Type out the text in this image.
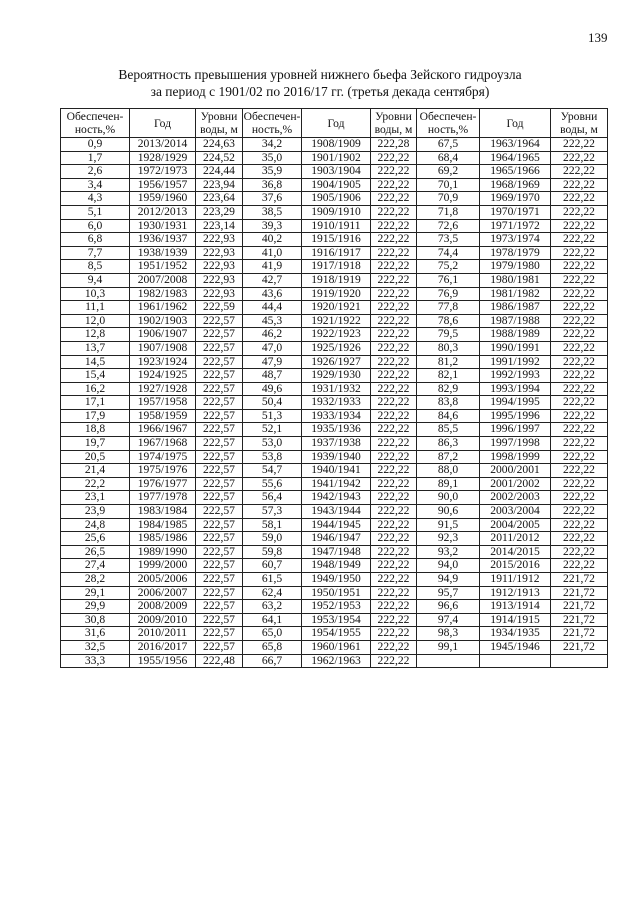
139
Вероятность превышения уровней нижнего бьефа Зейского гидроузла
за период с 1901/02 по 2016/17 гг. (третья декада сентября)
Обеспечен-ность,%	Год	Уровни воды, м	Обеспечен-ность,%	Год	Уровни воды, м	Обеспечен-ность,%	Год	Уровни воды, м
0,9	2013/2014	224,63	34,2	1908/1909	222,28	67,5	1963/1964	222,22
1,7	1928/1929	224,52	35,0	1901/1902	222,22	68,4	1964/1965	222,22
2,6	1972/1973	224,44	35,9	1903/1904	222,22	69,2	1965/1966	222,22
3,4	1956/1957	223,94	36,8	1904/1905	222,22	70,1	1968/1969	222,22
4,3	1959/1960	223,64	37,6	1905/1906	222,22	70,9	1969/1970	222,22
5,1	2012/2013	223,29	38,5	1909/1910	222,22	71,8	1970/1971	222,22
6,0	1930/1931	223,14	39,3	1910/1911	222,22	72,6	1971/1972	222,22
6,8	1936/1937	222,93	40,2	1915/1916	222,22	73,5	1973/1974	222,22
7,7	1938/1939	222,93	41,0	1916/1917	222,22	74,4	1978/1979	222,22
8,5	1951/1952	222,93	41,9	1917/1918	222,22	75,2	1979/1980	222,22
9,4	2007/2008	222,93	42,7	1918/1919	222,22	76,1	1980/1981	222,22
10,3	1982/1983	222,93	43,6	1919/1920	222,22	76,9	1981/1982	222,22
11,1	1961/1962	222,59	44,4	1920/1921	222,22	77,8	1986/1987	222,22
12,0	1902/1903	222,57	45,3	1921/1922	222,22	78,6	1987/1988	222,22
12,8	1906/1907	222,57	46,2	1922/1923	222,22	79,5	1988/1989	222,22
13,7	1907/1908	222,57	47,0	1925/1926	222,22	80,3	1990/1991	222,22
14,5	1923/1924	222,57	47,9	1926/1927	222,22	81,2	1991/1992	222,22
15,4	1924/1925	222,57	48,7	1929/1930	222,22	82,1	1992/1993	222,22
16,2	1927/1928	222,57	49,6	1931/1932	222,22	82,9	1993/1994	222,22
17,1	1957/1958	222,57	50,4	1932/1933	222,22	83,8	1994/1995	222,22
17,9	1958/1959	222,57	51,3	1933/1934	222,22	84,6	1995/1996	222,22
18,8	1966/1967	222,57	52,1	1935/1936	222,22	85,5	1996/1997	222,22
19,7	1967/1968	222,57	53,0	1937/1938	222,22	86,3	1997/1998	222,22
20,5	1974/1975	222,57	53,8	1939/1940	222,22	87,2	1998/1999	222,22
21,4	1975/1976	222,57	54,7	1940/1941	222,22	88,0	2000/2001	222,22
22,2	1976/1977	222,57	55,6	1941/1942	222,22	89,1	2001/2002	222,22
23,1	1977/1978	222,57	56,4	1942/1943	222,22	90,0	2002/2003	222,22
23,9	1983/1984	222,57	57,3	1943/1944	222,22	90,6	2003/2004	222,22
24,8	1984/1985	222,57	58,1	1944/1945	222,22	91,5	2004/2005	222,22
25,6	1985/1986	222,57	59,0	1946/1947	222,22	92,3	2011/2012	222,22
26,5	1989/1990	222,57	59,8	1947/1948	222,22	93,2	2014/2015	222,22
27,4	1999/2000	222,57	60,7	1948/1949	222,22	94,0	2015/2016	222,22
28,2	2005/2006	222,57	61,5	1949/1950	222,22	94,9	1911/1912	221,72
29,1	2006/2007	222,57	62,4	1950/1951	222,22	95,7	1912/1913	221,72
29,9	2008/2009	222,57	63,2	1952/1953	222,22	96,6	1913/1914	221,72
30,8	2009/2010	222,57	64,1	1953/1954	222,22	97,4	1914/1915	221,72
31,6	2010/2011	222,57	65,0	1954/1955	222,22	98,3	1934/1935	221,72
32,5	2016/2017	222,57	65,8	1960/1961	222,22	99,1	1945/1946	221,72
33,3	1955/1956	222,48	66,7	1962/1963	222,22			
